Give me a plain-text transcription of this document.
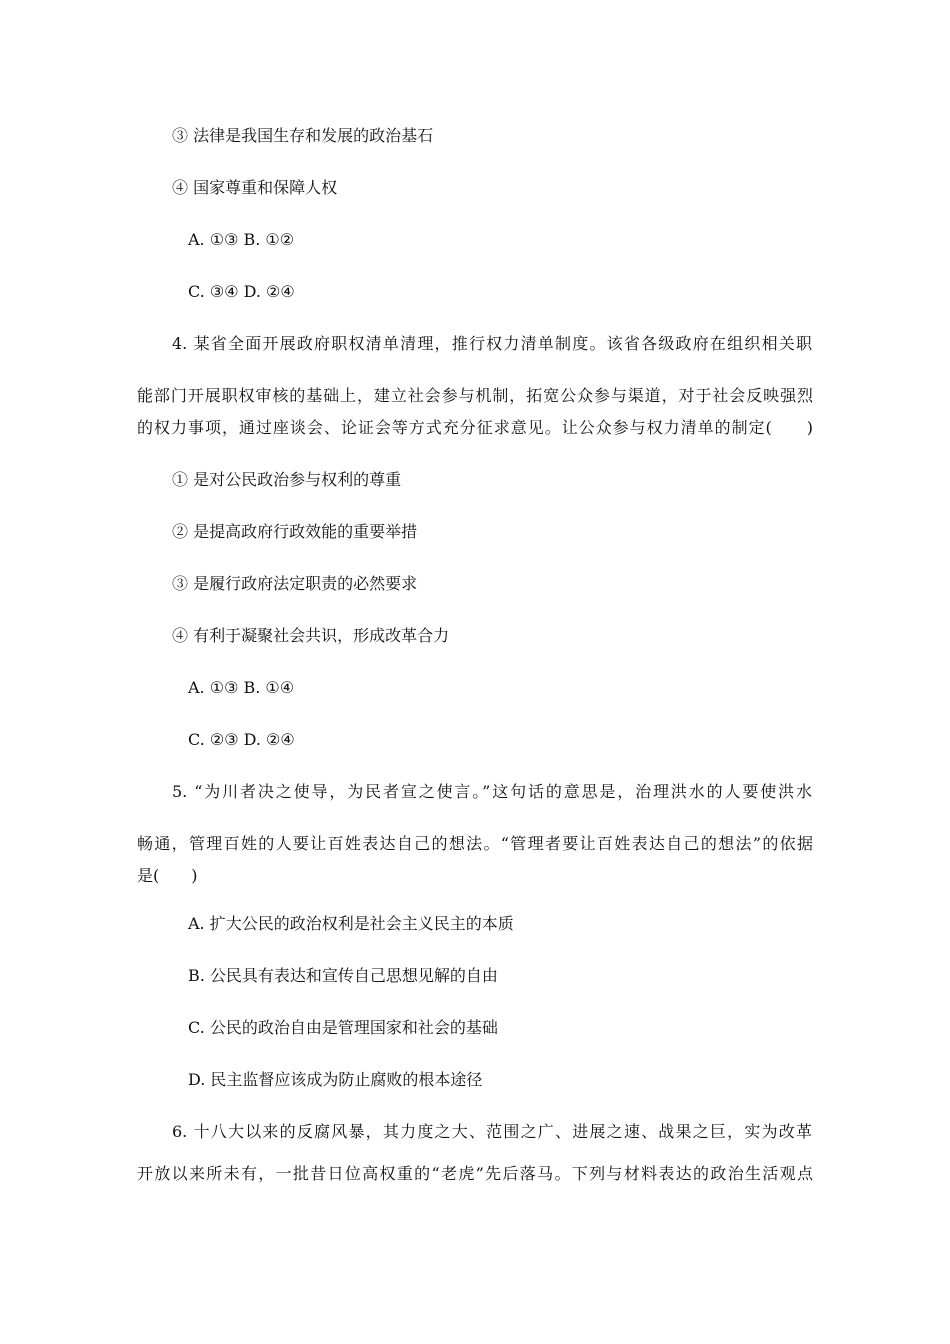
③ 法律是我国生存和发展的政治基石
④ 国家尊重和保障人权
A. ①③ B. ①②
C. ③④ D. ②④
4. 某省全面开展政府职权清单清理，推行权力清单制度。该省各级政府在组织相关职
能部门开展职权审核的基础上，建立社会参与机制，拓宽公众参与渠道，对于社会反映强烈
的权力事项，通过座谈会、论证会等方式充分征求意见。让公众参与权力清单的制定(　　)
① 是对公民政治参与权利的尊重
② 是提高政府行政效能的重要举措
③ 是履行政府法定职责的必然要求
④ 有利于凝聚社会共识，形成改革合力
A. ①③ B. ①④
C. ②③ D. ②④
5. “为川者决之使导，为民者宣之使言。”这句话的意思是，治理洪水的人要使洪水
畅通，管理百姓的人要让百姓表达自己的想法。“管理者要让百姓表达自己的想法”的依据
是(　　)
A. 扩大公民的政治权利是社会主义民主的本质
B. 公民具有表达和宣传自己思想见解的自由
C. 公民的政治自由是管理国家和社会的基础
D. 民主监督应该成为防止腐败的根本途径
6. 十八大以来的反腐风暴，其力度之大、范围之广、进展之速、战果之巨，实为改革
开放以来所未有，一批昔日位高权重的“老虎”先后落马。下列与材料表达的政治生活观点
